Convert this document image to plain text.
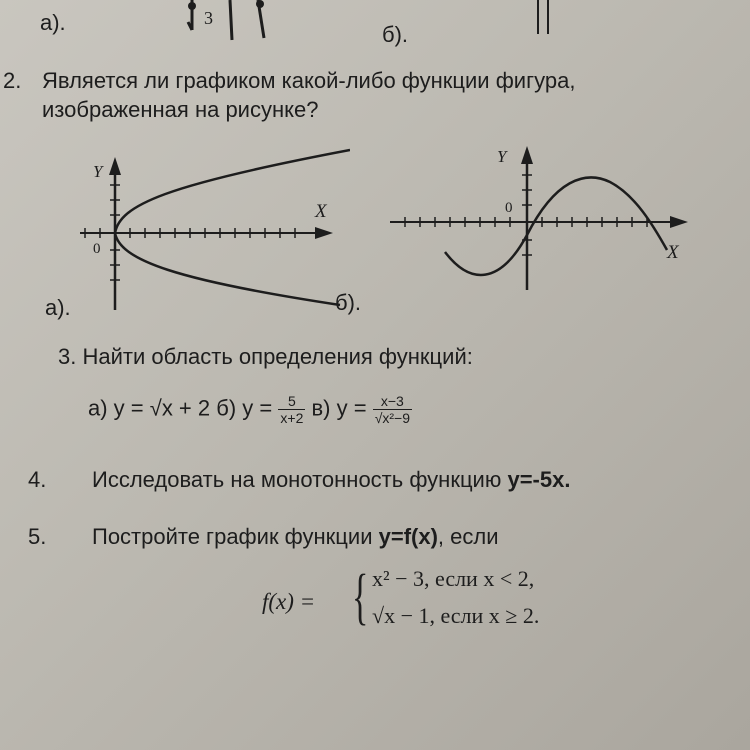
а).	3
б).
2. Является ли графиком какой-либо функции фигура,
изображенная на рисунке?
Y
X
0
а).
Y
X
0
б).
3. Найти область определения функций:
а) y = √x + 2 б) $y = \frac{5}{x+2} в$) $y = \frac{x-3}{\text{√x²−9}}$
4. Исследовать на монотонность функцию y=-5x.
5. Постройте график функции y=f(x), если
f(x) = { x² − 3, если x < 2,
√x − 1, если x ≥ 2.
